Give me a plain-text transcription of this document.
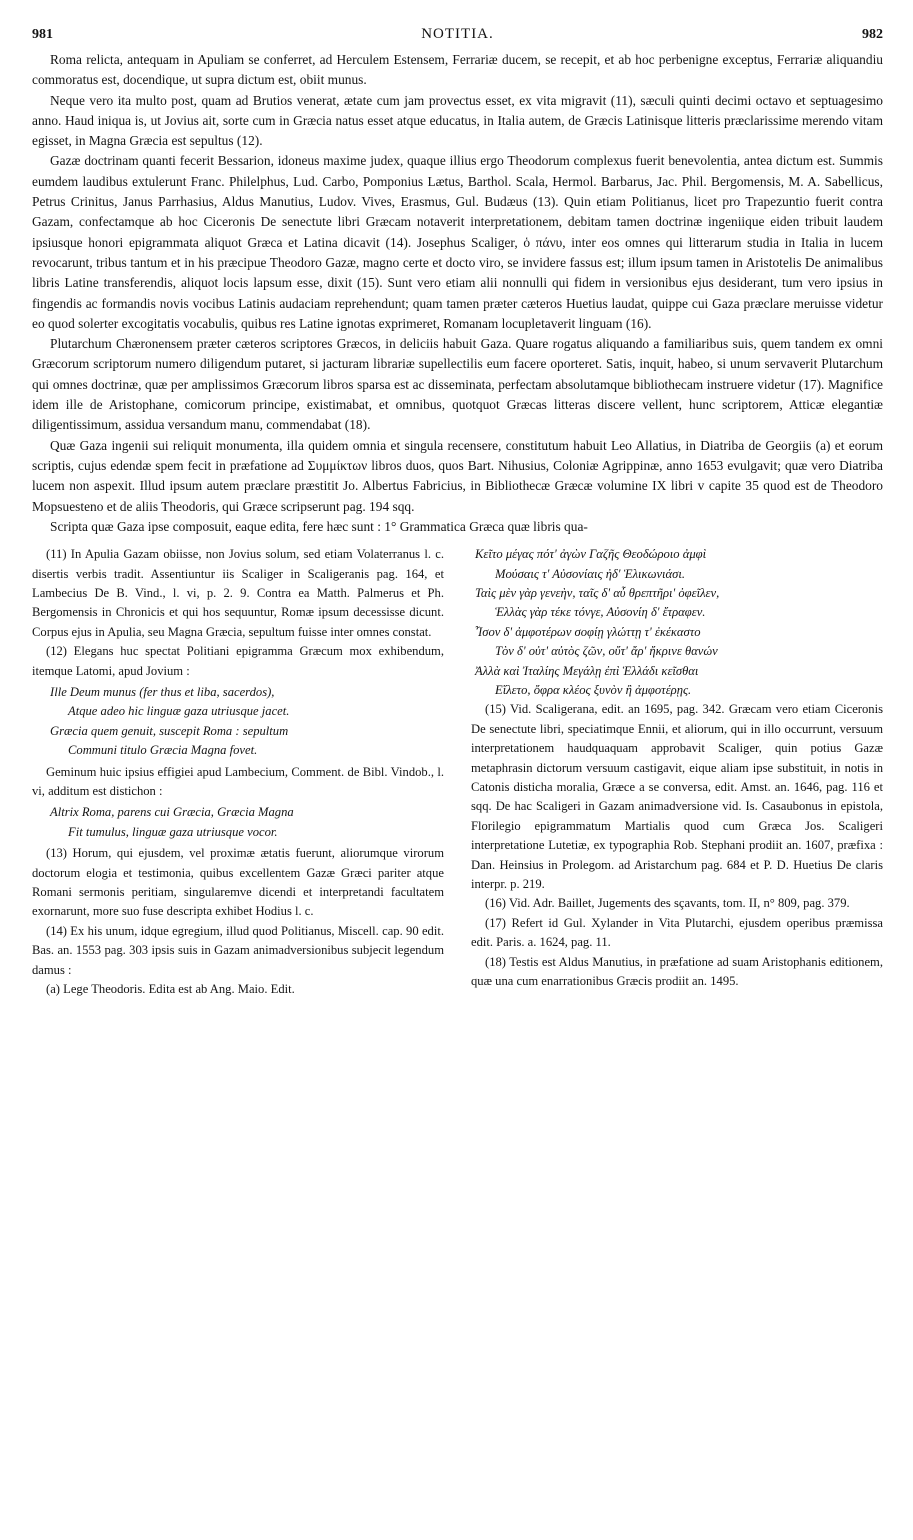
981	NOTITIA.	982

Roma relicta, antequam in Apuliam se conferret, ad Herculem Estensem, Ferrariæ ducem, se recepit, et ab hoc perbenigne exceptus, Ferrariæ aliquandiu commoratus est, docendique, ut supra dictum est, obiit munus.

Neque vero ita multo post, quam ad Brutios venerat, ætate cum jam provectus esset, ex vita migravit (11), sæculi quinti decimi octavo et septuagesimo anno. Haud iniqua is, ut Jovius ait, sorte cum in Græcia natus esset atque educatus, in Italia autem, de Græcis Latinisque litteris præclarissime merendo vitam egisset, in Magna Græcia est sepultus (12).

Gazæ doctrinam quanti fecerit Bessarion, idoneus maxime judex, quaque illius ergo Theodorum complexus fuerit benevolentia, antea dictum est. Summis eumdem laudibus extulerunt Franc. Philelphus, Lud. Carbo, Pomponius Lætus, Barthol. Scala, Hermol. Barbarus, Jac. Phil. Bergomensis, M. A. Sabellicus, Petrus Crinitus, Janus Parrhasius, Aldus Manutius, Ludov. Vives, Erasmus, Gul. Budæus (13). Quin etiam Politianus, licet pro Trapezuntio fuerit contra Gazam, confectamque ab hoc Ciceronis De senectute libri Græcam notaverit interpretationem, debitam tamen doctrinæ ingeniique eiden tribuit laudem ipsiusque honori epigrammata aliquot Græca et Latina dicavit (14). Josephus Scaliger, ὁ πάνυ, inter eos omnes qui litterarum studia in Italia in lucem revocarunt, tribus tantum et in his præcipue Theodoro Gazæ, magno certe et docto viro, se invidere fassus est; illum ipsum tamen in Aristotelis De animalibus libris Latine transferendis, aliquot locis lapsum esse, dixit (15). Sunt vero etiam alii nonnulli qui fidem in versionibus ejus desiderant, tum vero ipsius in fingendis ac formandis novis vocibus Latinis audaciam reprehendunt; quam tamen præter cæteros Huetius laudat, quippe cui Gaza præclare meruisse videtur eo quod solerter excogitatis vocabulis, quibus res Latine ignotas exprimeret, Romanam locupletaverit linguam (16).

Plutarchum Chæronensem præter cæteros scriptores Græcos, in deliciis habuit Gaza. Quare rogatus aliquando a familiaribus suis, quem tandem ex omni Græcorum scriptorum numero diligendum putaret, si jacturam librariæ supellectilis eum facere oporteret. Satis, inquit, habeo, si unum servaverit Plutarchum qui omnes doctrinæ, quæ per amplissimos Græcorum libros sparsa est ac disseminata, perfectam absolutamque bibliothecam instruere videtur (17). Magnifice idem ille de Aristophane, comicorum principe, existimabat, et omnibus, quotquot Græcas litteras discere vellent, hunc scriptorem, Atticæ elegantiæ diligentissimum, assidua versandum manu, commendabat (18).

Quæ Gaza ingenii sui reliquit monumenta, illa quidem omnia et singula recensere, constitutum habuit Leo Allatius, in Diatriba de Georgiis (a) et eorum scriptis, cujus edendæ spem fecit in præfatione ad Συμμίκτων libros duos, quos Bart. Nihusius, Coloniæ Agrippinæ, anno 1653 evulgavit; quæ vero Diatriba lucem non aspexit. Illud ipsum autem præclare præstitit Jo. Albertus Fabricius, in Bibliothecæ Græcæ volumine IX libri v capite 35 quod est de Theodoro Mopsuesteno et de aliis Theodoris, qui Græce scripserunt pag. 194 sqq.

Scripta quæ Gaza ipse composuit, eaque edita, fere hæc sunt : 1° Grammatica Græca quæ libris qua-

(11) In Apulia Gazam obiisse, non Jovius solum, sed etiam Volaterranus l. c. disertis verbis tradit. Assentiuntur iis Scaliger in Scaligeranis pag. 164, et Lambecius De B. Vind., l. vi, p. 2. 9. Contra ea Matth. Palmerus et Ph. Bergomensis in Chronicis et qui hos sequuntur, Romæ ipsum decessisse dicunt. Corpus ejus in Apulia, seu Magna Græcia, sepultum fuisse inter omnes constat.

(12) Elegans huc spectat Politiani epigramma Græcum mox exhibendum, itemque Latomi, apud Jovium :

Ille Deum munus (fer thus et liba, sacerdos),
Atque adeo hic linguæ gaza utriusque jacet.
Græcia quem genuit, suscepit Roma : sepultum
Communi titulo Græcia Magna fovet.

Geminum huic ipsius effigiei apud Lambecium, Comment. de Bibl. Vindob., l. vi, additum est distichon :

Altrix Roma, parens cui Græcia, Græcia Magna
Fit tumulus, linguæ gaza utriusque vocor.

(13) Horum, qui ejusdem, vel proximæ ætatis fuerunt, aliorumque virorum doctorum elogia et testimonia, quibus excellentem Gazæ Græci pariter atque Romani sermonis peritiam, singularemve dicendi et interpretandi facultatem exornarunt, more suo fuse descripta exhibet Hodius l. c.

(14) Ex his unum, idque egregium, illud quod Politianus, Miscell. cap. 90 edit. Bas. an. 1553 pag. 303 ipsis suis in Gazam animadversionibus subjecit legendum damus :

(a) Lege Theodoris. Edita est ab Ang. Maio. Edit.

Κεῖτο μέγας πότ' ἀγὼν Γαζῆς Θεοδώροιο ἀμφὶ
Μούσαις τ' Αὐσονίαις ἠδ' Ἑλικωνιάσι.
Ταὶς μὲν γὰρ γενεὴν, ταῖς δ' αὖ θρεπτῆρι' ὀφεῖλεν,
Ἑλλὰς γὰρ τέκε τόνγε, Αὐσονίη δ' ἔτραφεν.
Ἶσον δ' ἀμφοτέρων σοφίῃ γλώττῃ τ' ἐκέκαστο
Τὸν δ' οὐτ' αὐτὸς ζῶν, οὔτ' ἄρ' ἤκρινε θανών
Ἀλλὰ καὶ Ἰταλίης Μεγάλῃ ἐπὶ Ἑλλάδι κεῖσθαι
Εἵλετο, ὄφρα κλέος ξυνὸν ἢ ἀμφοτέρῃς.

(15) Vid. Scaligerana, edit. an 1695, pag. 342. Græcam vero etiam Ciceronis De senectute libri, speciatimque Ennii, et aliorum, qui in illo occurrunt, versuum interpretationem haudquaquam approbavit Scaliger, quin potius Gazæ metaphrasin dictorum versuum castigavit, eique aliam ipse substituit, in notis in Catonis disticha moralia, Græce a se conversa, edit. Amst. an. 1646, pag. 116 et sqq. De hac Scaligeri in Gazam animadversione vid. Is. Casaubonus in epistola, Florilegio epigrammatum Martialis quod cum Græca Jos. Scaligeri interpretatione Lutetiæ, ex typographia Rob. Stephani prodiit an. 1607, præfixa : Dan. Heinsius in Prolegom. ad Aristarchum pag. 684 et P. D. Huetius De claris interpr. p. 219.

(16) Vid. Adr. Baillet, Jugements des sçavants, tom. II, n° 809, pag. 379.

(17) Refert id Gul. Xylander in Vita Plutarchi, ejusdem operibus præmissa edit. Paris. a. 1624, pag. 11.

(18) Testis est Aldus Manutius, in præfatione ad suam Aristophanis editionem, quæ una cum enarrationibus Græcis prodiit an. 1495.
